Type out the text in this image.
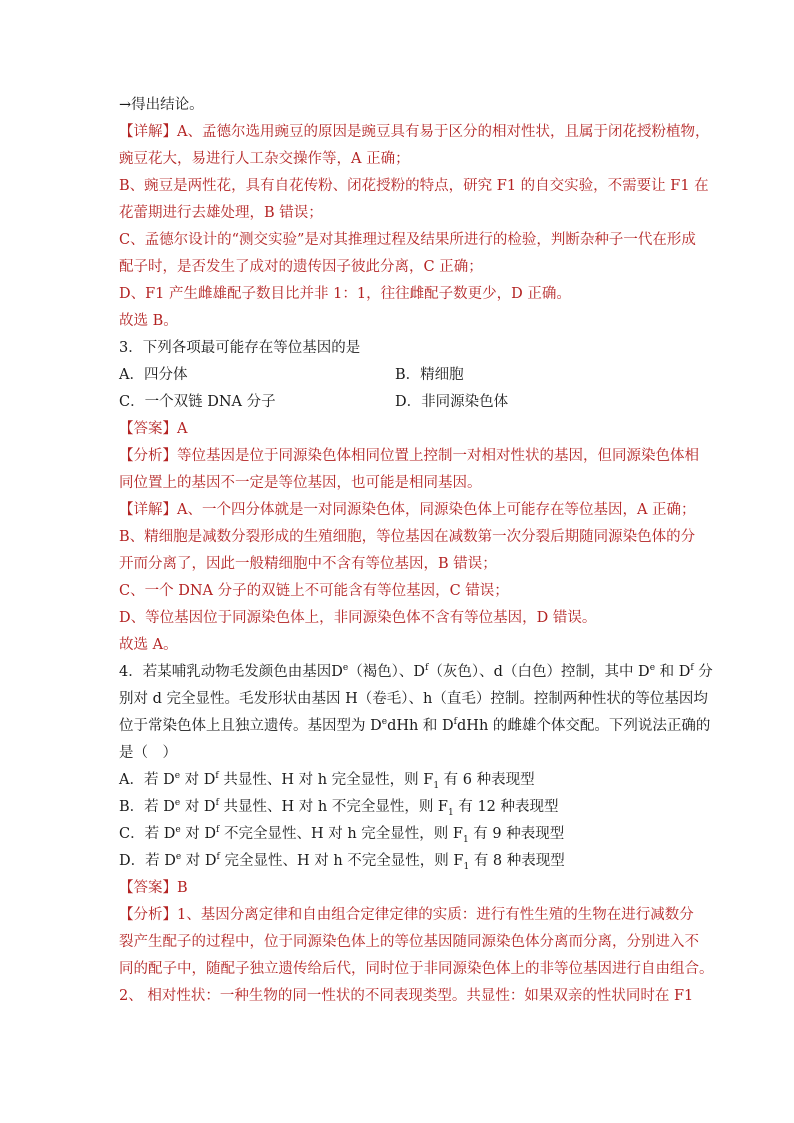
→得出结论。
【详解】A、孟德尔选用豌豆的原因是豌豆具有易于区分的相对性状，且属于闭花授粉植物，
豌豆花大，易进行人工杂交操作等，A 正确；
B、豌豆是两性花，具有自花传粉、闭花授粉的特点，研究 F1 的自交实验，不需要让 F1 在
花蕾期进行去雄处理，B 错误；
C、孟德尔设计的“测交实验”是对其推理过程及结果所进行的检验，判断杂种子一代在形成
配子时，是否发生了成对的遗传因子彼此分离，C 正确；
D、F1 产生雌雄配子数目比并非 1：1，往往雌配子数更少，D 正确。
故选 B。
3．下列各项最可能存在等位基因的是
A．四分体	B．精细胞
C．一个双链 DNA 分子	D．非同源染色体
【答案】A
【分析】等位基因是位于同源染色体相同位置上控制一对相对性状的基因，但同源染色体相
同位置上的基因不一定是等位基因，也可能是相同基因。
【详解】A、一个四分体就是一对同源染色体，同源染色体上可能存在等位基因，A 正确；
B、精细胞是减数分裂形成的生殖细胞，等位基因在减数第一次分裂后期随同源染色体的分
开而分离了，因此一般精细胞中不含有等位基因，B 错误；
C、一个 DNA 分子的双链上不可能含有等位基因，C 错误；
D、等位基因位于同源染色体上，非同源染色体不含有等位基因，D 错误。
故选 A。
4．若某哺乳动物毛发颜色由基因De（褐色）、$D^f$（灰色）、d（白色）控制，其中 De 和 $D^f$ 分
别对 d 完全显性。毛发形状由基因 H（卷毛）、h（直毛）控制。控制两种性状的等位基因均
位于常染色体上且独立遗传。基因型为 DedHh 和 $D^fdHh$ 的雌雄个体交配。下列说法正确的
是（　）
A．若 De 对 $D^f$ 共显性、H 对 h 完全显性，则 $F_1$ 有 6 种表现型
B．若 De 对 $D^f$ 共显性、H 对 h 不完全显性，则 $F_1$ 有 12 种表现型
C．若 De 对 $D^f$ 不完全显性、H 对 h 完全显性，则 $F_1$ 有 9 种表现型
D．若 De 对 $D^f$ 完全显性、H 对 h 不完全显性，则 $F_1$ 有 8 种表现型
【答案】B
【分析】1、基因分离定律和自由组合定律定律的实质：进行有性生殖的生物在进行减数分
裂产生配子的过程中，位于同源染色体上的等位基因随同源染色体分离而分离，分别进入不
同的配子中，随配子独立遗传给后代，同时位于非同源染色体上的非等位基因进行自由组合。
2、 相对性状：一种生物的同一性状的不同表现类型。共显性：如果双亲的性状同时在 F1
